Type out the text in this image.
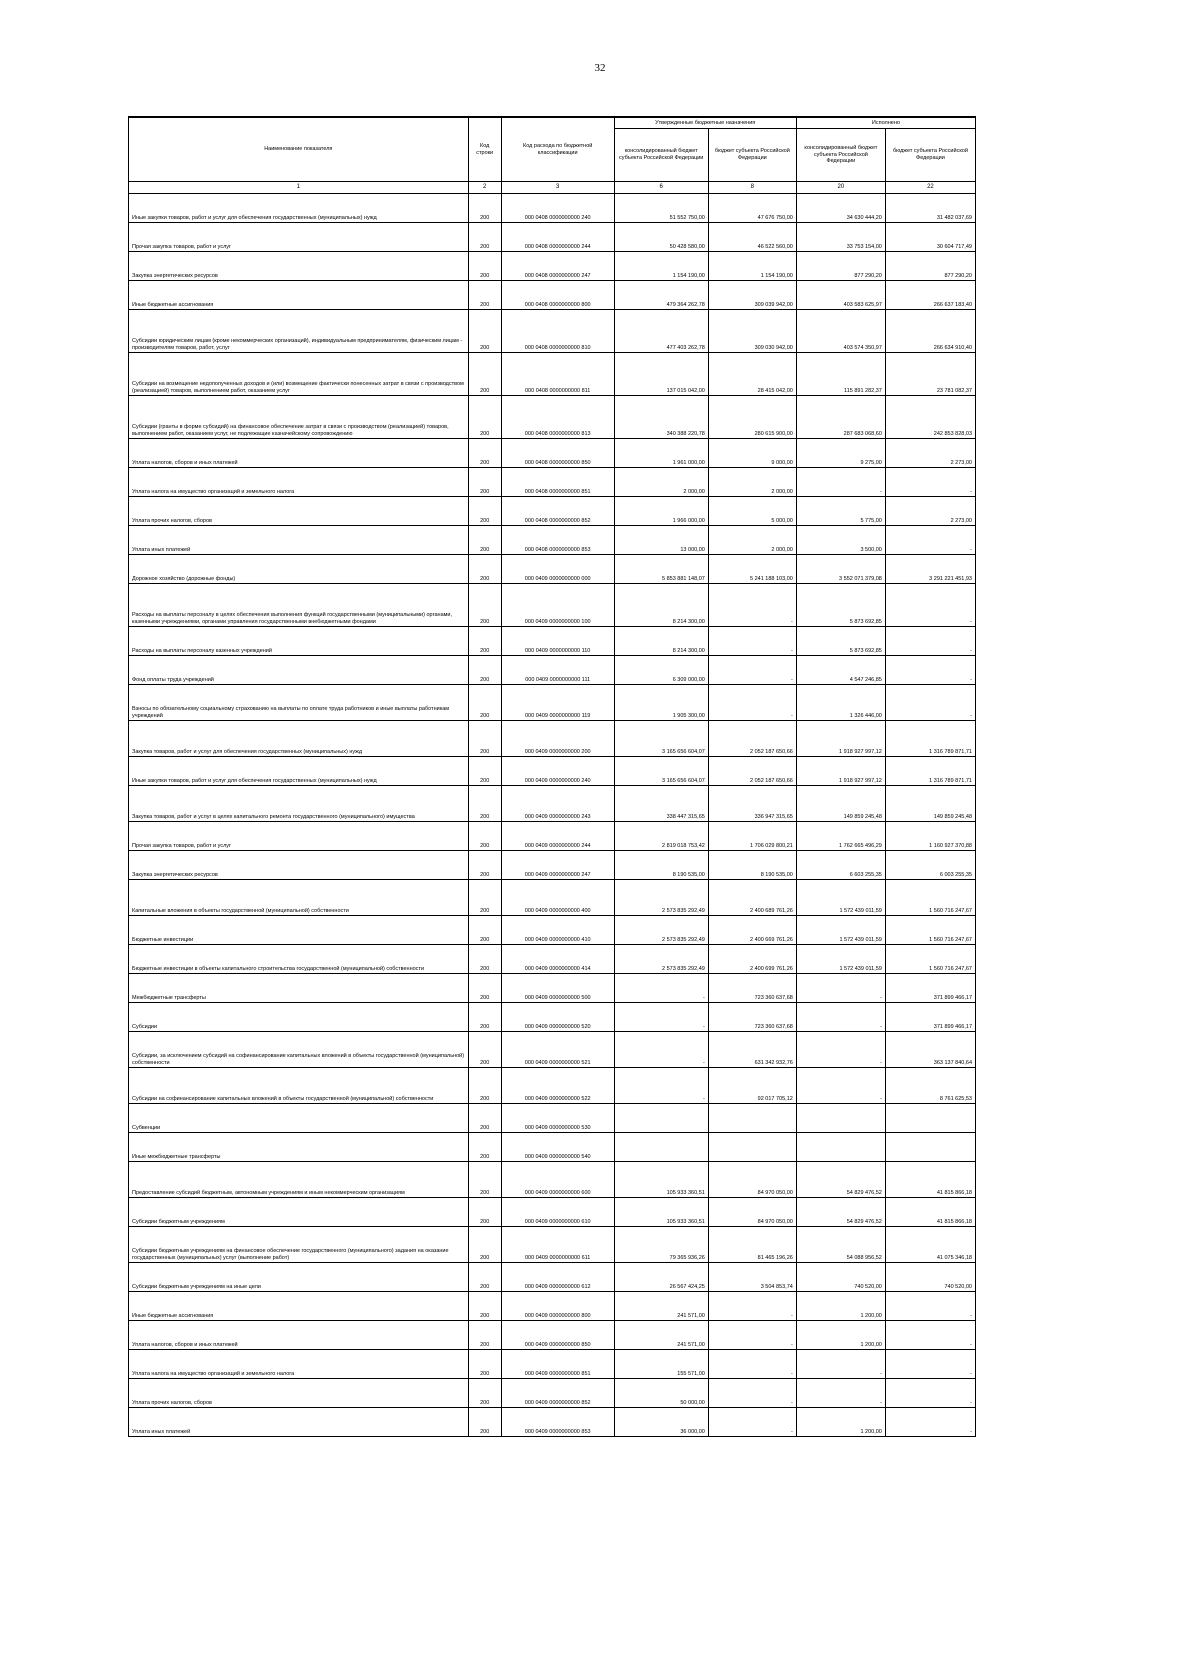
32
Наименование показателя	Код строки	Код расхода по бюджетной классификации	Утвержденные бюджетные назначения		Исполнено	
			консолидированный бюджет субъекта Российской Федерации	бюджет субъекта Российской Федерации	консолидированный бюджет субъекта Российской Федерации	бюджет субъекта Российской Федерации
1	2	3	6	8	20	22

Иные закупки товаров, работ и услуг для обеспечения государственных (муниципальных) нужд	200	000 0408 0000000000 240	51 552 750,00	47 676 750,00	34 630 444,20	31 482 037,69

Прочая закупка товаров, работ и услуг	200	000 0408 0000000000 244	50 428 580,00	46 522 560,00	33 753 154,00	30 604 717,49

Закупка энергетических ресурсов	200	000 0408 0000000000 247	1 154 190,00	1 154 190,00	877 290,20	877 290,20

Иные бюджетные ассигнования	200	000 0408 0000000000 800	479 364 262,78	309 039 942,00	403 583 625,97	266 637 183,40

Субсидии юридическим лицам (кроме некоммерческих организаций), индивидуальным предпринимателям, физическим лицам - производителям товаров, работ, услуг	200	000 0408 0000000000 810	477 403 262,78	309 030 942,00	403 574 350,97	266 634 910,40

Субсидии на возмещение недополученных доходов и (или) возмещение фактически понесенных затрат в связи с производством (реализацией) товаров, выполнением работ, оказанием услуг	200	000 0408 0000000000 811	137 015 042,00	28 415 042,00	115 891 282,37	23 781 082,37

Субсидии (гранты в форме субсидий) на финансовое обеспечение затрат в связи с производством (реализацией) товаров, выполнением работ, оказанием услуг, не подлежащие казначейскому сопровождению	200	000 0408 0000000000 813	340 388 220,78	280 615 900,00	287 683 068,60	242 853 828,03

Уплата налогов, сборов и иных платежей	200	000 0408 0000000000 850	1 961 000,00	9 000,00	9 275,00	2 273,00

Уплата налога на имущество организаций и земельного налога	200	000 0408 0000000000 851	2 000,00	2 000,00	-	-

Уплата прочих налогов, сборов	200	000 0408 0000000000 852	1 966 000,00	5 000,00	5 775,00	2 273,00

Уплата иных платежей	200	000 0408 0000000000 853	13 000,00	2 000,00	3 500,00	-

Дорожное хозяйство (дорожные фонды)	200	000 0409 0000000000 000	5 853 881 148,07	5 241 188 103,00	3 552 071 379,08	3 291 221 451,93

Расходы на выплаты персоналу в целях обеспечения выполнения функций государственными (муниципальными) органами, казенными учреждениями, органами управления государственными внебюджетными фондами	200	000 0409 0000000000 100	8 214 300,00	-	5 873 692,85	-

Расходы на выплаты персоналу казенных учреждений	200	000 0409 0000000000 110	8 214 300,00	-	5 873 692,85	-

Фонд оплаты труда учреждений	200	000 0409 0000000000 111	6 309 000,00	-	4 547 246,85	-

Взносы по обязательному социальному страхованию на выплаты по оплате труда работников и иные выплаты работникам учреждений	200	000 0409 0000000000 119	1 905 300,00	-	1 326 446,00	-

Закупка товаров, работ и услуг для обеспечения государственных (муниципальных) нужд	200	000 0409 0000000000 200	3 165 656 604,07	2 052 187 650,66	1 918 927 997,12	1 316 789 871,71

Иные закупки товаров, работ и услуг для обеспечения государственных (муниципальных) нужд	200	000 0409 0000000000 240	3 165 656 604,07	2 052 187 650,66	1 918 927 997,12	1 316 789 871,71

Закупка товаров, работ и услуг в целях капитального ремонта государственного (муниципального) имущества	200	000 0409 0000000000 243	338 447 315,65	336 947 315,65	149 859 245,48	149 859 245,48

Прочая закупка товаров, работ и услуг	200	000 0409 0000000000 244	2 819 018 753,42	1 706 029 800,21	1 762 665 496,29	1 160 927 370,88

Закупка энергетических ресурсов	200	000 0409 0000000000 247	8 190 535,00	8 190 535,00	6 603 255,35	6 003 255,35

Капитальные вложения в объекты государственной (муниципальной) собственности	200	000 0409 0000000000 400	2 573 835 292,49	2 400 689 761,26	1 572 439 011,59	1 560 716 247,67

Бюджетные инвестиции	200	000 0409 0000000000 410	2 573 835 292,49	2 400 669 761,26	1 572 439 011,59	1 560 716 247,67

Бюджетные инвестиции в объекты капитального строительства государственной (муниципальной) собственности	200	000 0409 0000000000 414	2 573 835 292,49	2 400 699 761,26	1 572 439 011,59	1 560 716 247,67

Межбюджетные трансферты	200	000 0409 0000000000 500	-	723 360 637,68	-	371 899 466,17

Субсидии	200	000 0409 0000000000 520	-	723 360 637,68	-	371 899 466,17

Субсидии, за исключением субсидий на софинансирование капитальных вложений в объекты государственной (муниципальной) собственности	200	000 0409 0000000000 521	-	631 342 932,76	-	363 137 840,64

Субсидии на софинансирование капитальных вложений в объекты государственной (муниципальной) собственности	200	000 0409 0000000000 522	-	92 017 705,12	-	8 761 625,53

Субвенции	200	000 0409 0000000000 530				

Иные межбюджетные трансферты	200	000 0409 0000000000 540				

Предоставление субсидий бюджетным, автономным учреждениям и иным некоммерческим организациям	200	000 0409 0000000000 600	105 933 360,51	84 970 050,00	54 829 476,52	41 815 866,18

Субсидии бюджетным учреждениям	200	000 0409 0000000000 610	105 933 360,51	84 970 050,00	54 829 476,52	41 815 866,18

Субсидии бюджетным учреждениям на финансовое обеспечение государственного (муниципального) задания на оказание государственных (муниципальных) услуг (выполнение работ)	200	000 0409 0000000000 611	79 365 936,26	81 465 196,26	54 088 956,52	41 075 346,18

Субсидии бюджетным учреждениям на иные цели	200	000 0409 0000000000 612	26 567 424,25	3 504 853,74	740 520,00	740 520,00

Иные бюджетные ассигнования	200	000 0409 0000000000 800	241 571,00	-	1 200,00	-

Уплата налогов, сборов и иных платежей	200	000 0409 0000000000 850	241 571,00	-	1 200,00	-

Уплата налога на имущество организаций и земельного налога	200	000 0409 0000000000 851	155 571,00	-	-	-

Уплата прочих налогов, сборов	200	000 0409 0000000000 852	50 000,00	-	-	-

Уплата иных платежей	200	000 0409 0000000000 853	36 000,00	-	1 200,00	-
